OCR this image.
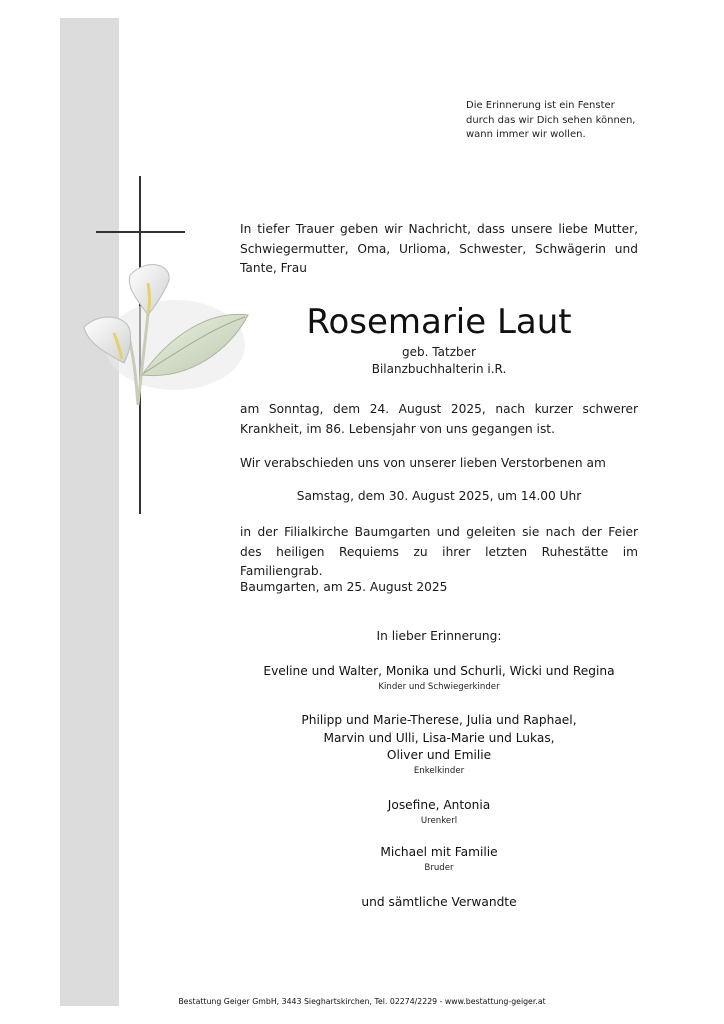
Die Erinnerung ist ein Fenster
durch das wir Dich sehen können,
wann immer wir wollen.
In tiefer Trauer geben wir Nachricht, dass unsere liebe Mutter, Schwiegermutter, Oma, Urlioma, Schwester, Schwägerin und Tante, Frau
Rosemarie Laut
geb. Tatzber
Bilanzbuchhalterin i.R.
am Sonntag, dem 24. August 2025, nach kurzer schwerer Krankheit, im 86. Lebensjahr von uns gegangen ist.
Wir verabschieden uns von unserer lieben Verstorbenen am
Samstag, dem 30. August 2025, um 14.00 Uhr
in der Filialkirche Baumgarten und geleiten sie nach der Feier des heiligen Requiems zu ihrer letzten Ruhestätte im Familiengrab.
Baumgarten, am 25. August 2025
In lieber Erinnerung:
Eveline und Walter, Monika und Schurli, Wicki und Regina
Kinder und Schwiegerkinder
Philipp und Marie-Therese, Julia und Raphael,
Marvin und Ulli, Lisa-Marie und Lukas,
Oliver und Emilie
Enkelkinder
Josefine, Antonia
Urenkerl
Michael mit Familie
Bruder
und sämtliche Verwandte
Bestattung Geiger GmbH, 3443 Sieghartskirchen, Tel. 02274/2229 - www.bestattung-geiger.at
